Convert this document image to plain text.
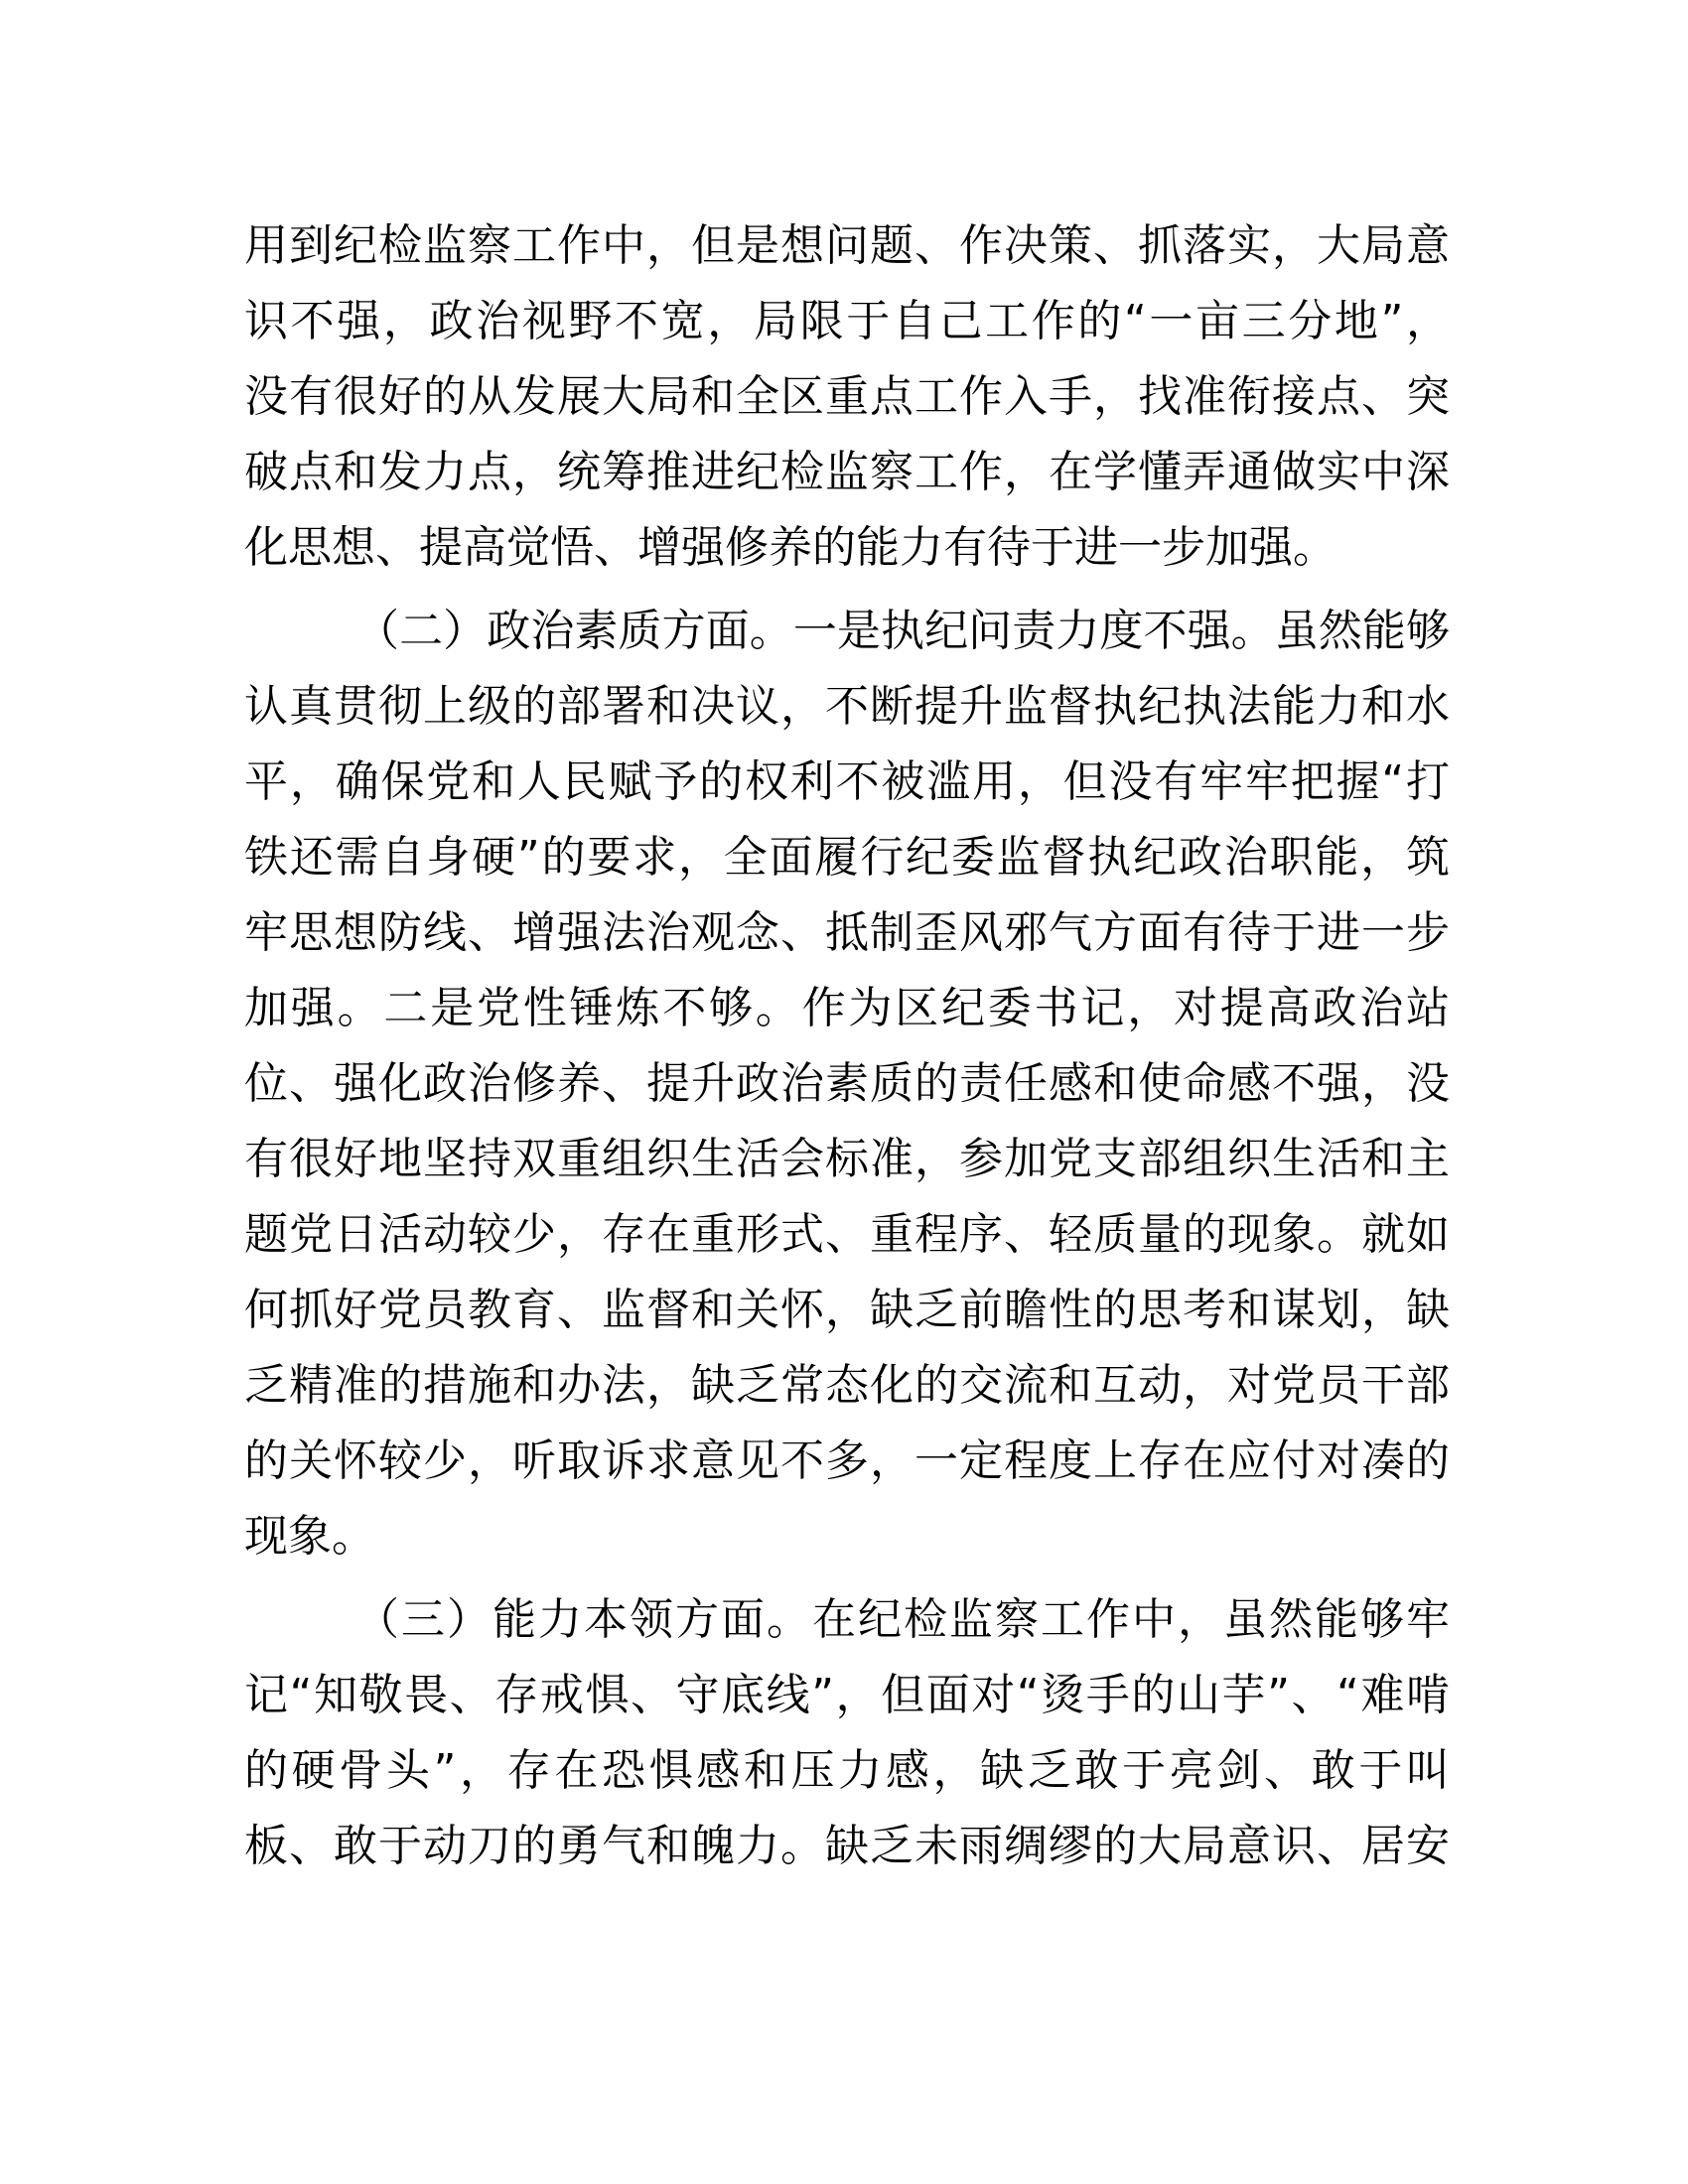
用到纪检监察工作中，但是想问题、作决策、抓落实，大局意
识不强，政治视野不宽，局限于自己工作的“一亩三分地”，
没有很好的从发展大局和全区重点工作入手，找准衔接点、突
破点和发力点，统筹推进纪检监察工作，在学懂弄通做实中深
化思想、提高觉悟、增强修养的能力有待于进一步加强。
（二）政治素质方面。一是执纪问责力度不强。虽然能够
认真贯彻上级的部署和决议，不断提升监督执纪执法能力和水
平，确保党和人民赋予的权利不被滥用，但没有牢牢把握“打
铁还需自身硬”的要求，全面履行纪委监督执纪政治职能，筑
牢思想防线、增强法治观念、抵制歪风邪气方面有待于进一步
加强。二是党性锤炼不够。作为区纪委书记，对提高政治站
位、强化政治修养、提升政治素质的责任感和使命感不强，没
有很好地坚持双重组织生活会标准，参加党支部组织生活和主
题党日活动较少，存在重形式、重程序、轻质量的现象。就如
何抓好党员教育、监督和关怀，缺乏前瞻性的思考和谋划，缺
乏精准的措施和办法，缺乏常态化的交流和互动，对党员干部
的关怀较少，听取诉求意见不多，一定程度上存在应付对凑的
现象。
（三）能力本领方面。在纪检监察工作中，虽然能够牢
记“知敬畏、存戒惧、守底线”，但面对“烫手的山芋”、“难啃
的硬骨头”，存在恐惧感和压力感，缺乏敢于亮剑、敢于叫
板、敢于动刀的勇气和魄力。缺乏未雨绸缪的大局意识、居安
